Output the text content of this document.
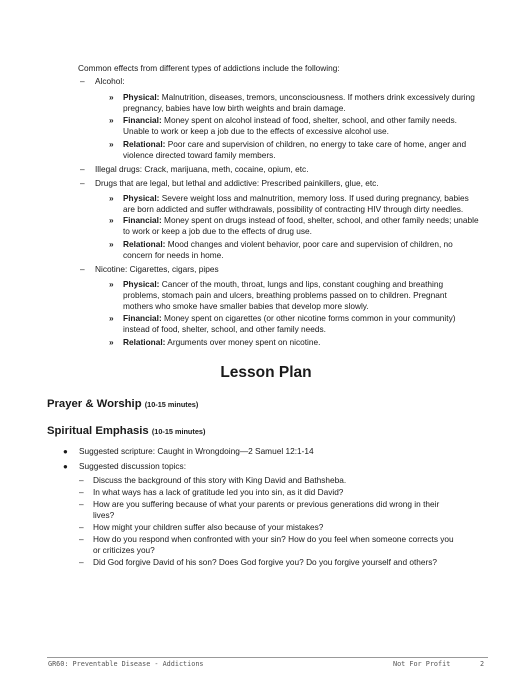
Common effects from different types of addictions include the following:
–	Alcohol:
»	Physical: Malnutrition, diseases, tremors, unconsciousness. If mothers drink excessively during
pregnancy, babies have low birth weights and brain damage.
»	Financial: Money spent on alcohol instead of food, shelter, school, and other family needs.
Unable to work or keep a job due to the effects of excessive alcohol use.
»	Relational: Poor care and supervision of children, no energy to take care of home, anger and
violence directed toward family members.
–	Illegal drugs: Crack, marijuana, meth, cocaine, opium, etc.
–	Drugs that are legal, but lethal and addictive: Prescribed painkillers, glue, etc.
»	Physical: Severe weight loss and malnutrition, memory loss. If used during pregnancy, babies
are born addicted and suffer withdrawals, possibility of contracting HIV through dirty needles.
»	Financial: Money spent on drugs instead of food, shelter, school, and other family needs; unable
to work or keep a job due to the effects of drug use.
»	Relational: Mood changes and violent behavior, poor care and supervision of children, no
concern for needs in home.
–	Nicotine: Cigarettes, cigars, pipes
»	Physical: Cancer of the mouth, throat, lungs and lips, constant coughing and breathing
problems, stomach pain and ulcers, breathing problems passed on to children. Pregnant
mothers who smoke have smaller babies that develop more slowly.
»	Financial: Money spent on cigarettes (or other nicotine forms common in your community)
instead of food, shelter, school, and other family needs.
»	Relational: Arguments over money spent on nicotine.
Lesson Plan
Prayer & Worship (10-15 minutes)
Spiritual Emphasis (10-15 minutes)
● Suggested scripture: Caught in Wrongdoing—2 Samuel 12:1-14
● Suggested discussion topics:
– Discuss the background of this story with King David and Bathsheba.
– In what ways has a lack of gratitude led you into sin, as it did David?
– How are you suffering because of what your parents or previous generations did wrong in their
lives?
– How might your children suffer also because of your mistakes?
– How do you respond when confronted with your sin? How do you feel when someone corrects you
or criticizes you?
– Did God forgive David of his son? Does God forgive you? Do you forgive yourself and others?
GR60: Preventable Disease - Addictions	Not For Profit	2
